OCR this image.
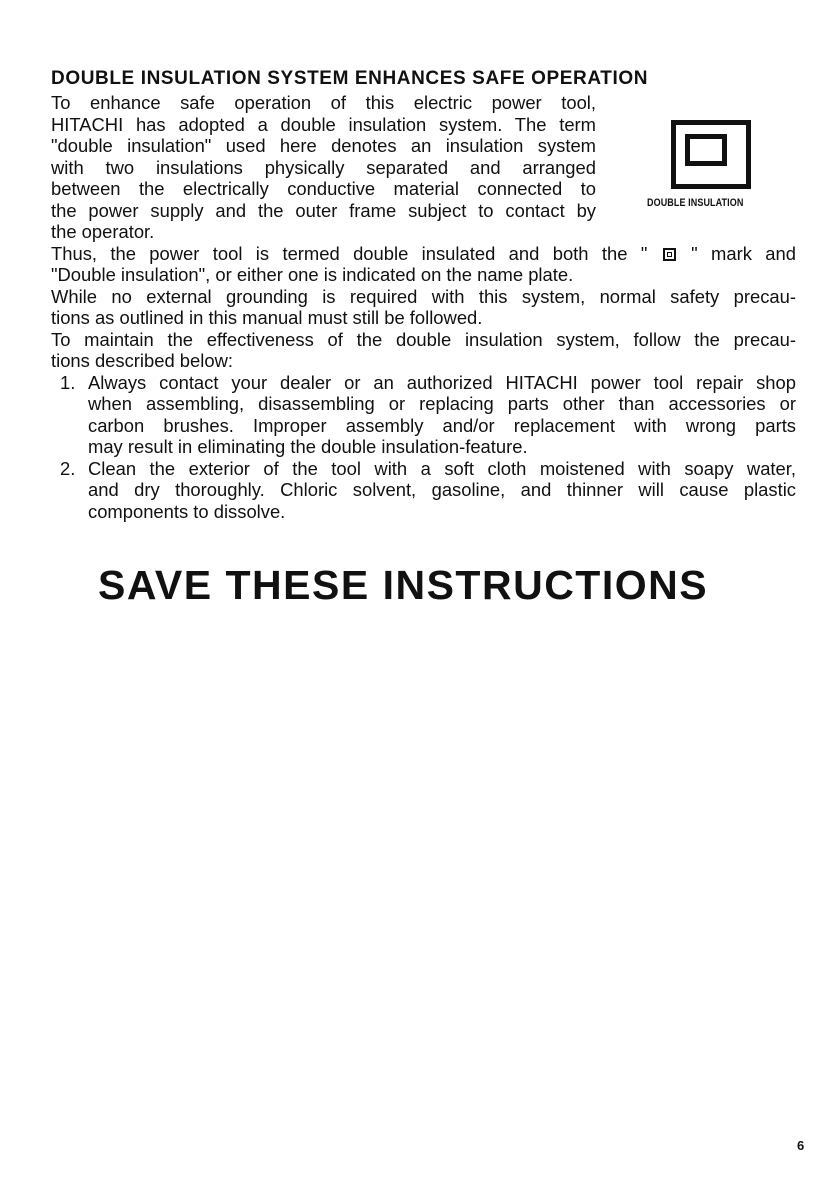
DOUBLE INSULATION SYSTEM ENHANCES SAFE OPERATION
To enhance safe operation of this electric power tool,
HITACHI has adopted a double insulation system. The term
"double insulation" used here denotes an insulation system
with two insulations physically separated and arranged
between the electrically conductive material connected to
the power supply and the outer frame subject to contact by	DOUBLE INSULATION
the operator.
Thus, the power tool is termed double insulated and both the " " mark and
"Double insulation", or either one is indicated on the name plate.
While no external grounding is required with this system, normal safety precau-
tions as outlined in this manual must still be followed.
To maintain the effectiveness of the double insulation system, follow the precau-
tions described below:
1. Always contact your dealer or an authorized HITACHI power tool repair shop
when assembling, disassembling or replacing parts other than accessories or
carbon brushes. Improper assembly and/or replacement with wrong parts
may result in eliminating the double insulation-feature.
2. Clean the exterior of the tool with a soft cloth moistened with soapy water,
and dry thoroughly. Chloric solvent, gasoline, and thinner will cause plastic
components to dissolve.
SAVE THESE INSTRUCTIONS
6
